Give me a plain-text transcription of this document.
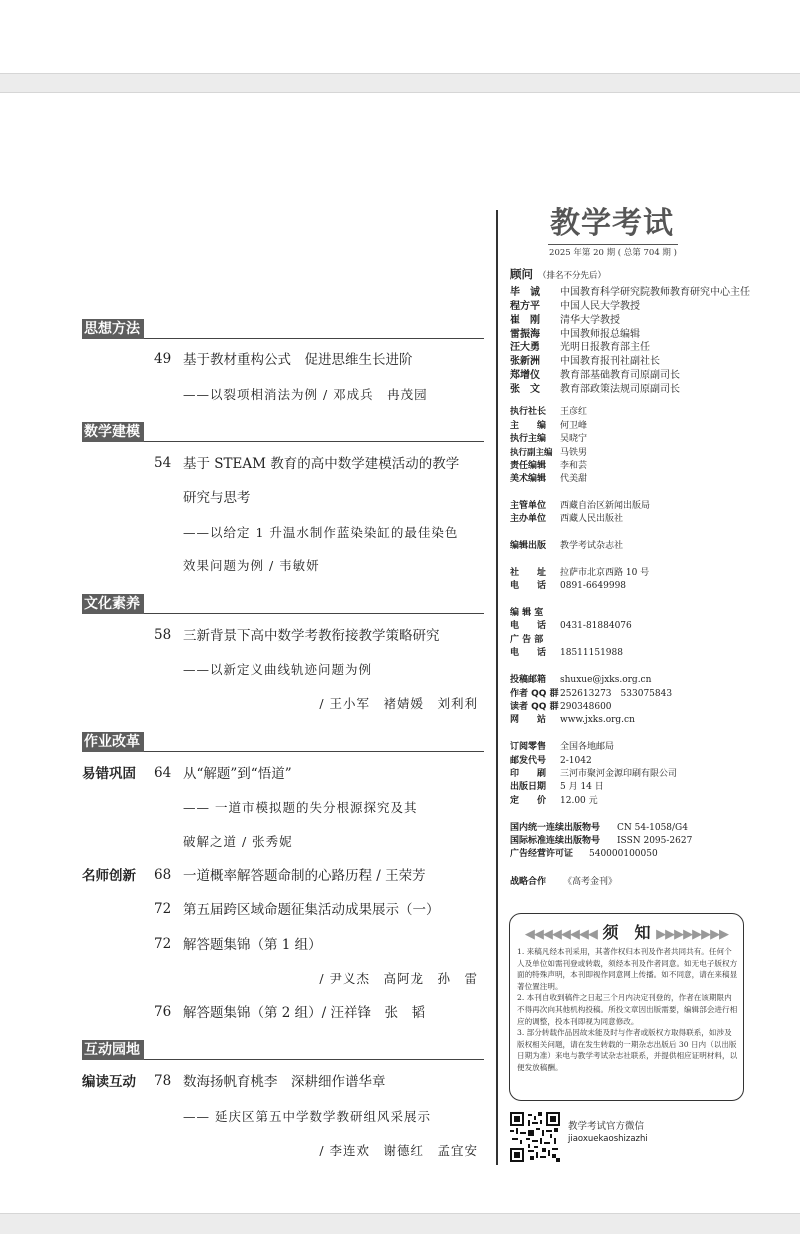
思想方法
49 基于教材重构公式　促进思维生长进阶
——以裂项相消法为例 / 邓成兵　冉茂园
数学建模
54 基于 STEAM 教育的高中数学建模活动的教学
研究与思考
——以给定 1 升温水制作蓝染染缸的最佳染色
效果问题为例 / 韦敏妍
文化素养
58 三新背景下高中数学考教衔接教学策略研究
——以新定义曲线轨迹问题为例
/ 王小军　褚婧媛　刘利利
作业改革
易错巩固 64 从“解题”到“悟道”
—— 一道市模拟题的失分根源探究及其
破解之道 / 张秀妮
名师创新 68 一道概率解答题命制的心路历程 / 王荣芳
72 第五届跨区域命题征集活动成果展示（一）
72 解答题集锦（第 1 组）
/ 尹义杰　高阿龙　孙　雷
76 解答题集锦（第 2 组）/ 汪祥锋　张　韬
互动园地
编读互动 78 数海扬帆育桃李　深耕细作谱华章
—— 延庆区第五中学数学教研组风采展示
/ 李连欢　谢德红　孟宜安
教学考试
2025 年第 20 期 ( 总第 704 期 )
顾问 （排名不分先后）
毕　诚 中国教育科学研究院教师教育研究中心主任
程方平 中国人民大学教授
崔　刚 清华大学教授
雷振海 中国教师报总编辑
汪大勇 光明日报教育部主任
张新洲 中国教育报刊社副社长
郑增仪 教育部基础教育司原副司长
张　文 教育部政策法规司原副司长
执行社长 王彦红
主　　编 何卫峰
执行主编 吴晓宁
执行副主编 马铁男
责任编辑 李和芸
美术编辑 代美甜
主管单位 西藏自治区新闻出版局
主办单位 西藏人民出版社
编辑出版 教学考试杂志社
社　　址 拉萨市北京西路 10 号
电　　话 0891-6649998
编 辑 室
电　　话 0431-81884076
广 告 部
电　　话 18511151988
投稿邮箱 shuxue@jxks.org.cn
作者 QQ 群 252613273　533075843
读者 QQ 群 290348600
网　　站 www.jxks.org.cn
订阅零售 全国各地邮局
邮发代号 2-1042
印　　刷 三河市聚河金源印刷有限公司
出版日期 5 月 14 日
定　　价 12.00 元
国内统一连续出版物号 CN 54-1058/G4
国际标准连续出版物号 ISSN 2095-2627
广告经营许可证 540000100050
战略合作 《高考金刊》
◀◀◀◀◀◀◀◀ 须　知 ▶▶▶▶▶▶▶▶
1. 来稿凡经本刊采用，其著作权归本刊及作者共同共有。任何个人及单位如需刊登或转载，须经本刊及作者同意。如无电子版权方面的特殊声明，本刊即视作同意网上传播。如不同意，请在来稿显著位置注明。
2. 本刊自收到稿件之日起三个月内决定刊登的，作者在该期限内不得再次向其他机构投稿。所投文章因出版需要，编辑部会进行相应的调整，投本刊即视为同意修改。
3. 部分转载作品因故未能及时与作者或版权方取得联系，如涉及版权相关问题，请在发生转载的一期杂志出版后 30 日内（以出版日期为准）来电与教学考试杂志社联系，并提供相应证明材料，以便发放稿酬。
教学考试官方微信
jiaoxuekaoshizazhi
